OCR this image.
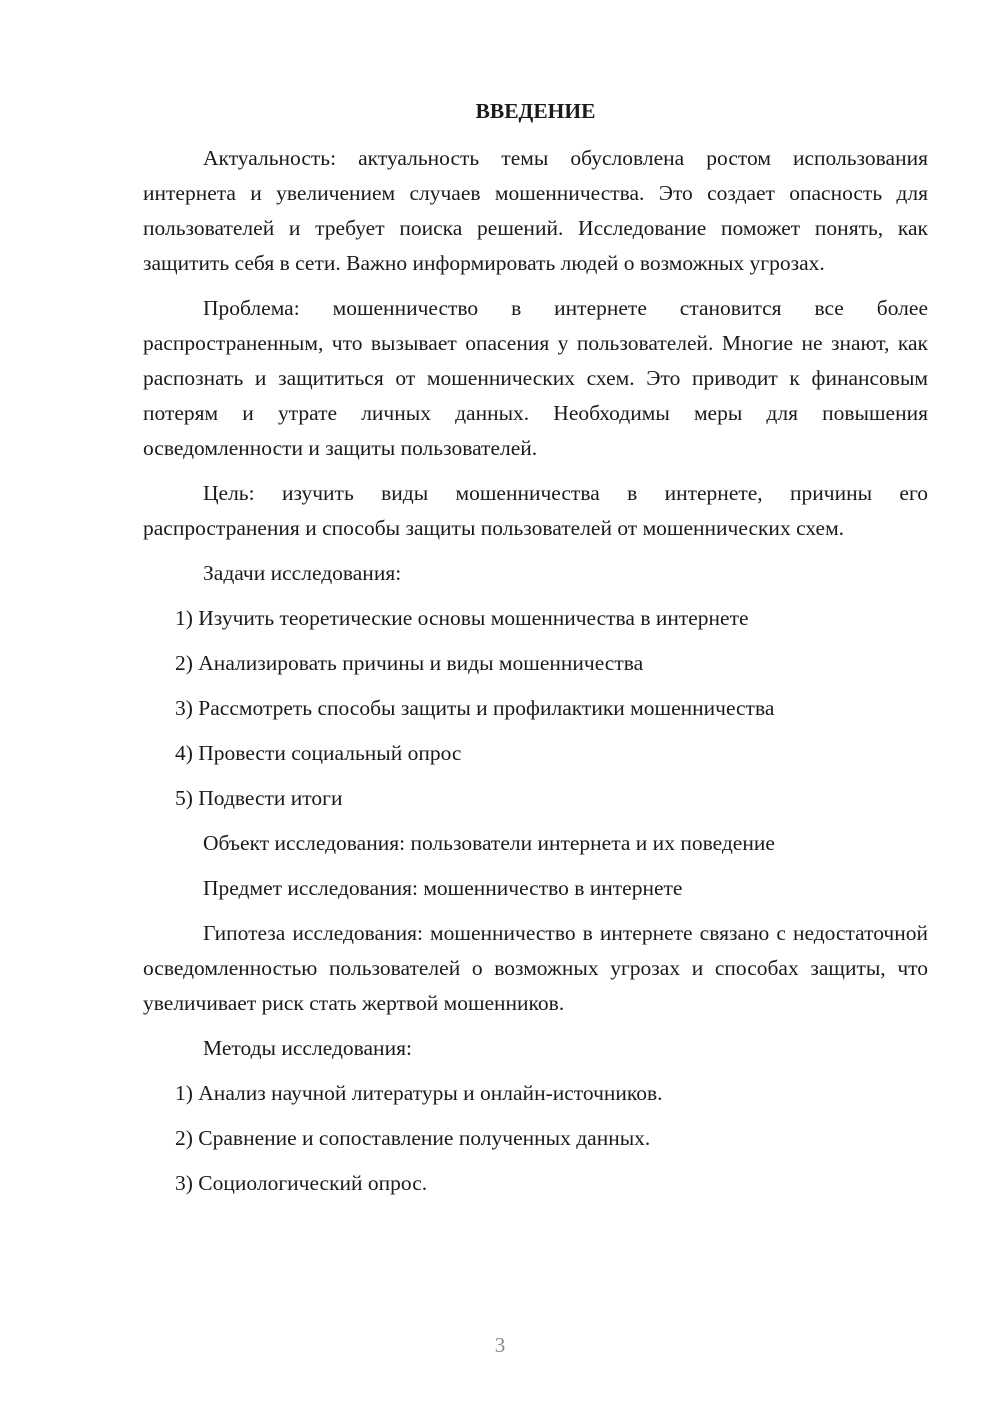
ВВЕДЕНИЕ

Актуальность: актуальность темы обусловлена ростом использования интернета и увеличением случаев мошенничества. Это создает опасность для пользователей и требует поиска решений. Исследование поможет понять, как защитить себя в сети. Важно информировать людей о возможных угрозах.

Проблема: мошенничество в интернете становится все более распространенным, что вызывает опасения у пользователей. Многие не знают, как распознать и защититься от мошеннических схем. Это приводит к финансовым потерям и утрате личных данных. Необходимы меры для повышения осведомленности и защиты пользователей.

Цель: изучить виды мошенничества в интернете, причины его распространения и способы защиты пользователей от мошеннических схем.

Задачи исследования:
1) Изучить теоретические основы мошенничества в интернете
2) Анализировать причины и виды мошенничества
3) Рассмотреть способы защиты и профилактики мошенничества
4) Провести социальный опрос
5) Подвести итоги
Объект исследования: пользователи интернета и их поведение
Предмет исследования: мошенничество в интернете

Гипотеза исследования: мошенничество в интернете связано с недостаточной осведомленностью пользователей о возможных угрозах и способах защиты, что увеличивает риск стать жертвой мошенников.

Методы исследования:
1) Анализ научной литературы и онлайн-источников.
2) Сравнение и сопоставление полученных данных.
3) Социологический опрос.
3
